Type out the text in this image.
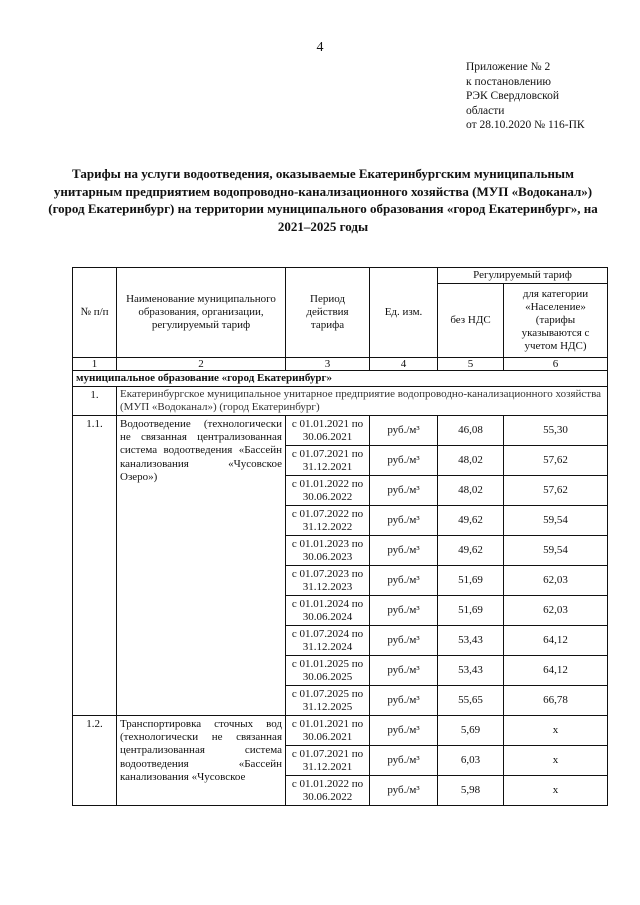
4
Приложение № 2
к постановлению
РЭК Свердловской
области
от 28.10.2020 № 116-ПК
Тарифы на услуги водоотведения, оказываемые Екатеринбургским муниципальным унитарным предприятием водопроводно-канализационного хозяйства (МУП «Водоканал») (город Екатеринбург) на территории муниципального образования «город Екатеринбург», на 2021–2025 годы
№ п/п	Наименование муниципального образования, организации, регулируемый тариф	Период действия тарифа	Ед. изм.	Регулируемый тариф	
				без НДС	для категории «Население» (тарифы указываются с учетом НДС)
1	2	3	4	5	6
муниципальное образование «город Екатеринбург»					
1.	Екатеринбургское муниципальное унитарное предприятие водопроводно-канализационного хозяйства (МУП «Водоканал») (город Екатеринбург)				
1.1.	Водоотведение (технологически не связанная централизованная система водоотведения «Бассейн канализования «Чусовское Озеро»)	с 01.01.2021 по 30.06.2021	руб./м³	46,08	55,30
		с 01.07.2021 по 31.12.2021	руб./м³	48,02	57,62
		с 01.01.2022 по 30.06.2022	руб./м³	48,02	57,62
		с 01.07.2022 по 31.12.2022	руб./м³	49,62	59,54
		с 01.01.2023 по 30.06.2023	руб./м³	49,62	59,54
		с 01.07.2023 по 31.12.2023	руб./м³	51,69	62,03
		с 01.01.2024 по 30.06.2024	руб./м³	51,69	62,03
		с 01.07.2024 по 31.12.2024	руб./м³	53,43	64,12
		с 01.01.2025 по 30.06.2025	руб./м³	53,43	64,12
		с 01.07.2025 по 31.12.2025	руб./м³	55,65	66,78
1.2.	Транспортировка сточных вод (технологически не связанная централизованная система водоотведения «Бассейн канализования «Чусовское	с 01.01.2021 по 30.06.2021	руб./м³	5,69	х
		с 01.07.2021 по 31.12.2021	руб./м³	6,03	х
		с 01.01.2022 по 30.06.2022	руб./м³	5,98	х
